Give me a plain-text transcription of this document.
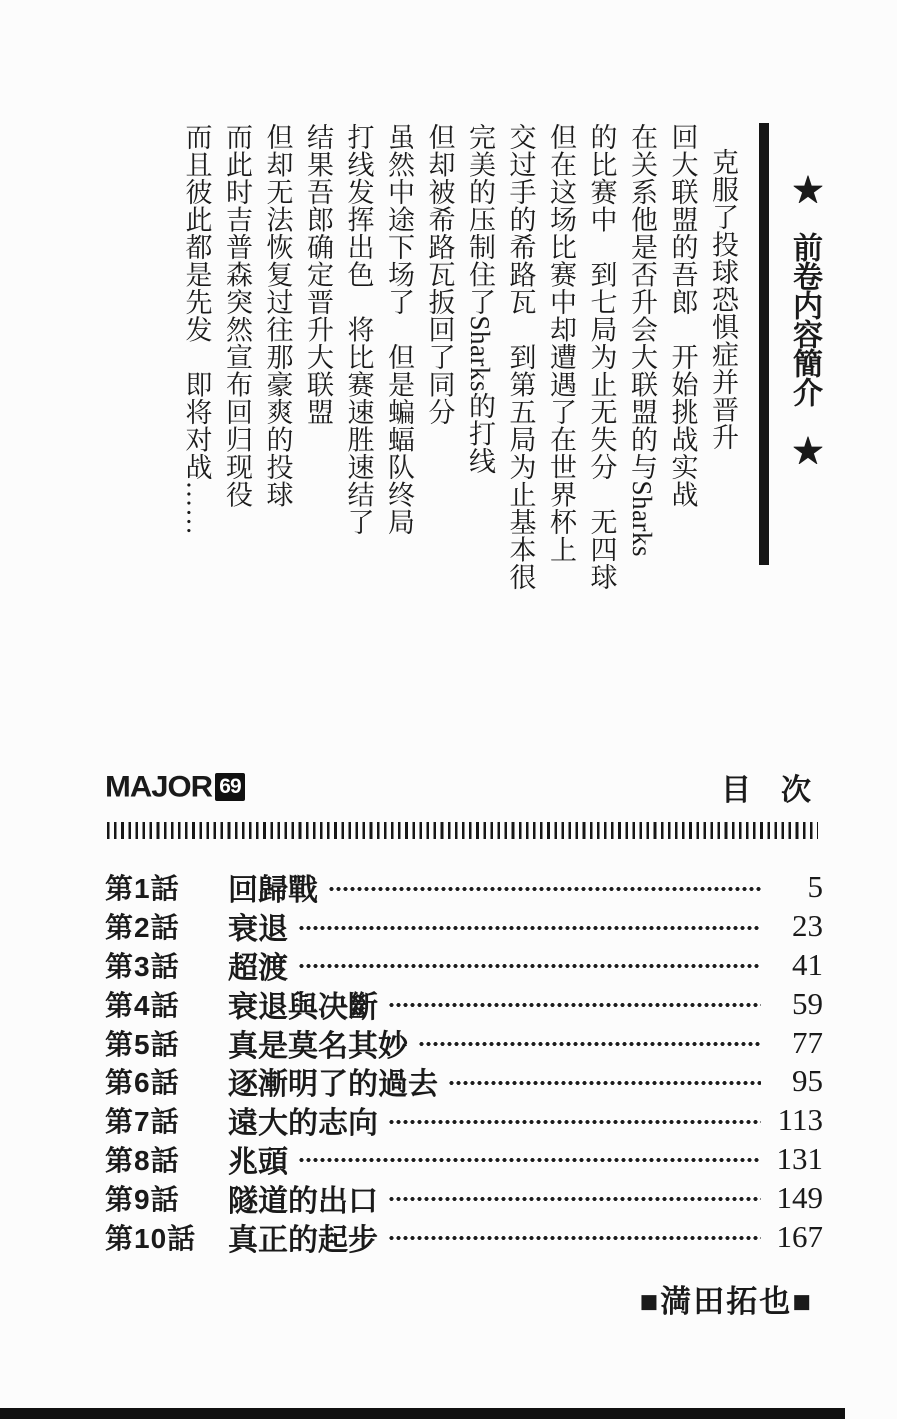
★　前卷内容簡介　★
克服了投球恐惧症并晋升
回大联盟的吾郎　开始挑战实战
在关系他是否升会大联盟的与Sharks
的比赛中　到七局为止无失分　无四球
但在这场比赛中却遭遇了在世界杯上
交过手的希路瓦　到第五局为止基本很
完美的压制住了Sharks的打线
但却被希路瓦扳回了同分
虽然中途下场了　但是蝙蝠队终局
打线发挥出色　将比赛速胜速结了
结果吾郎确定晋升大联盟
但却无法恢复过往那豪爽的投球
而此时吉普森突然宣布回归现役
而且彼此都是先发　即将对战……
MAJOR 69	目　次
第1話	回歸戰	5
第2話	衰退	23
第3話	超渡	41
第4話	衰退與决斷	59
第5話	真是莫名其妙	77
第6話	逐漸明了的過去	95
第7話	遠大的志向	113
第8話	兆頭	131
第9話	隧道的出口	149
第10話	真正的起步	167
■満田拓也■
